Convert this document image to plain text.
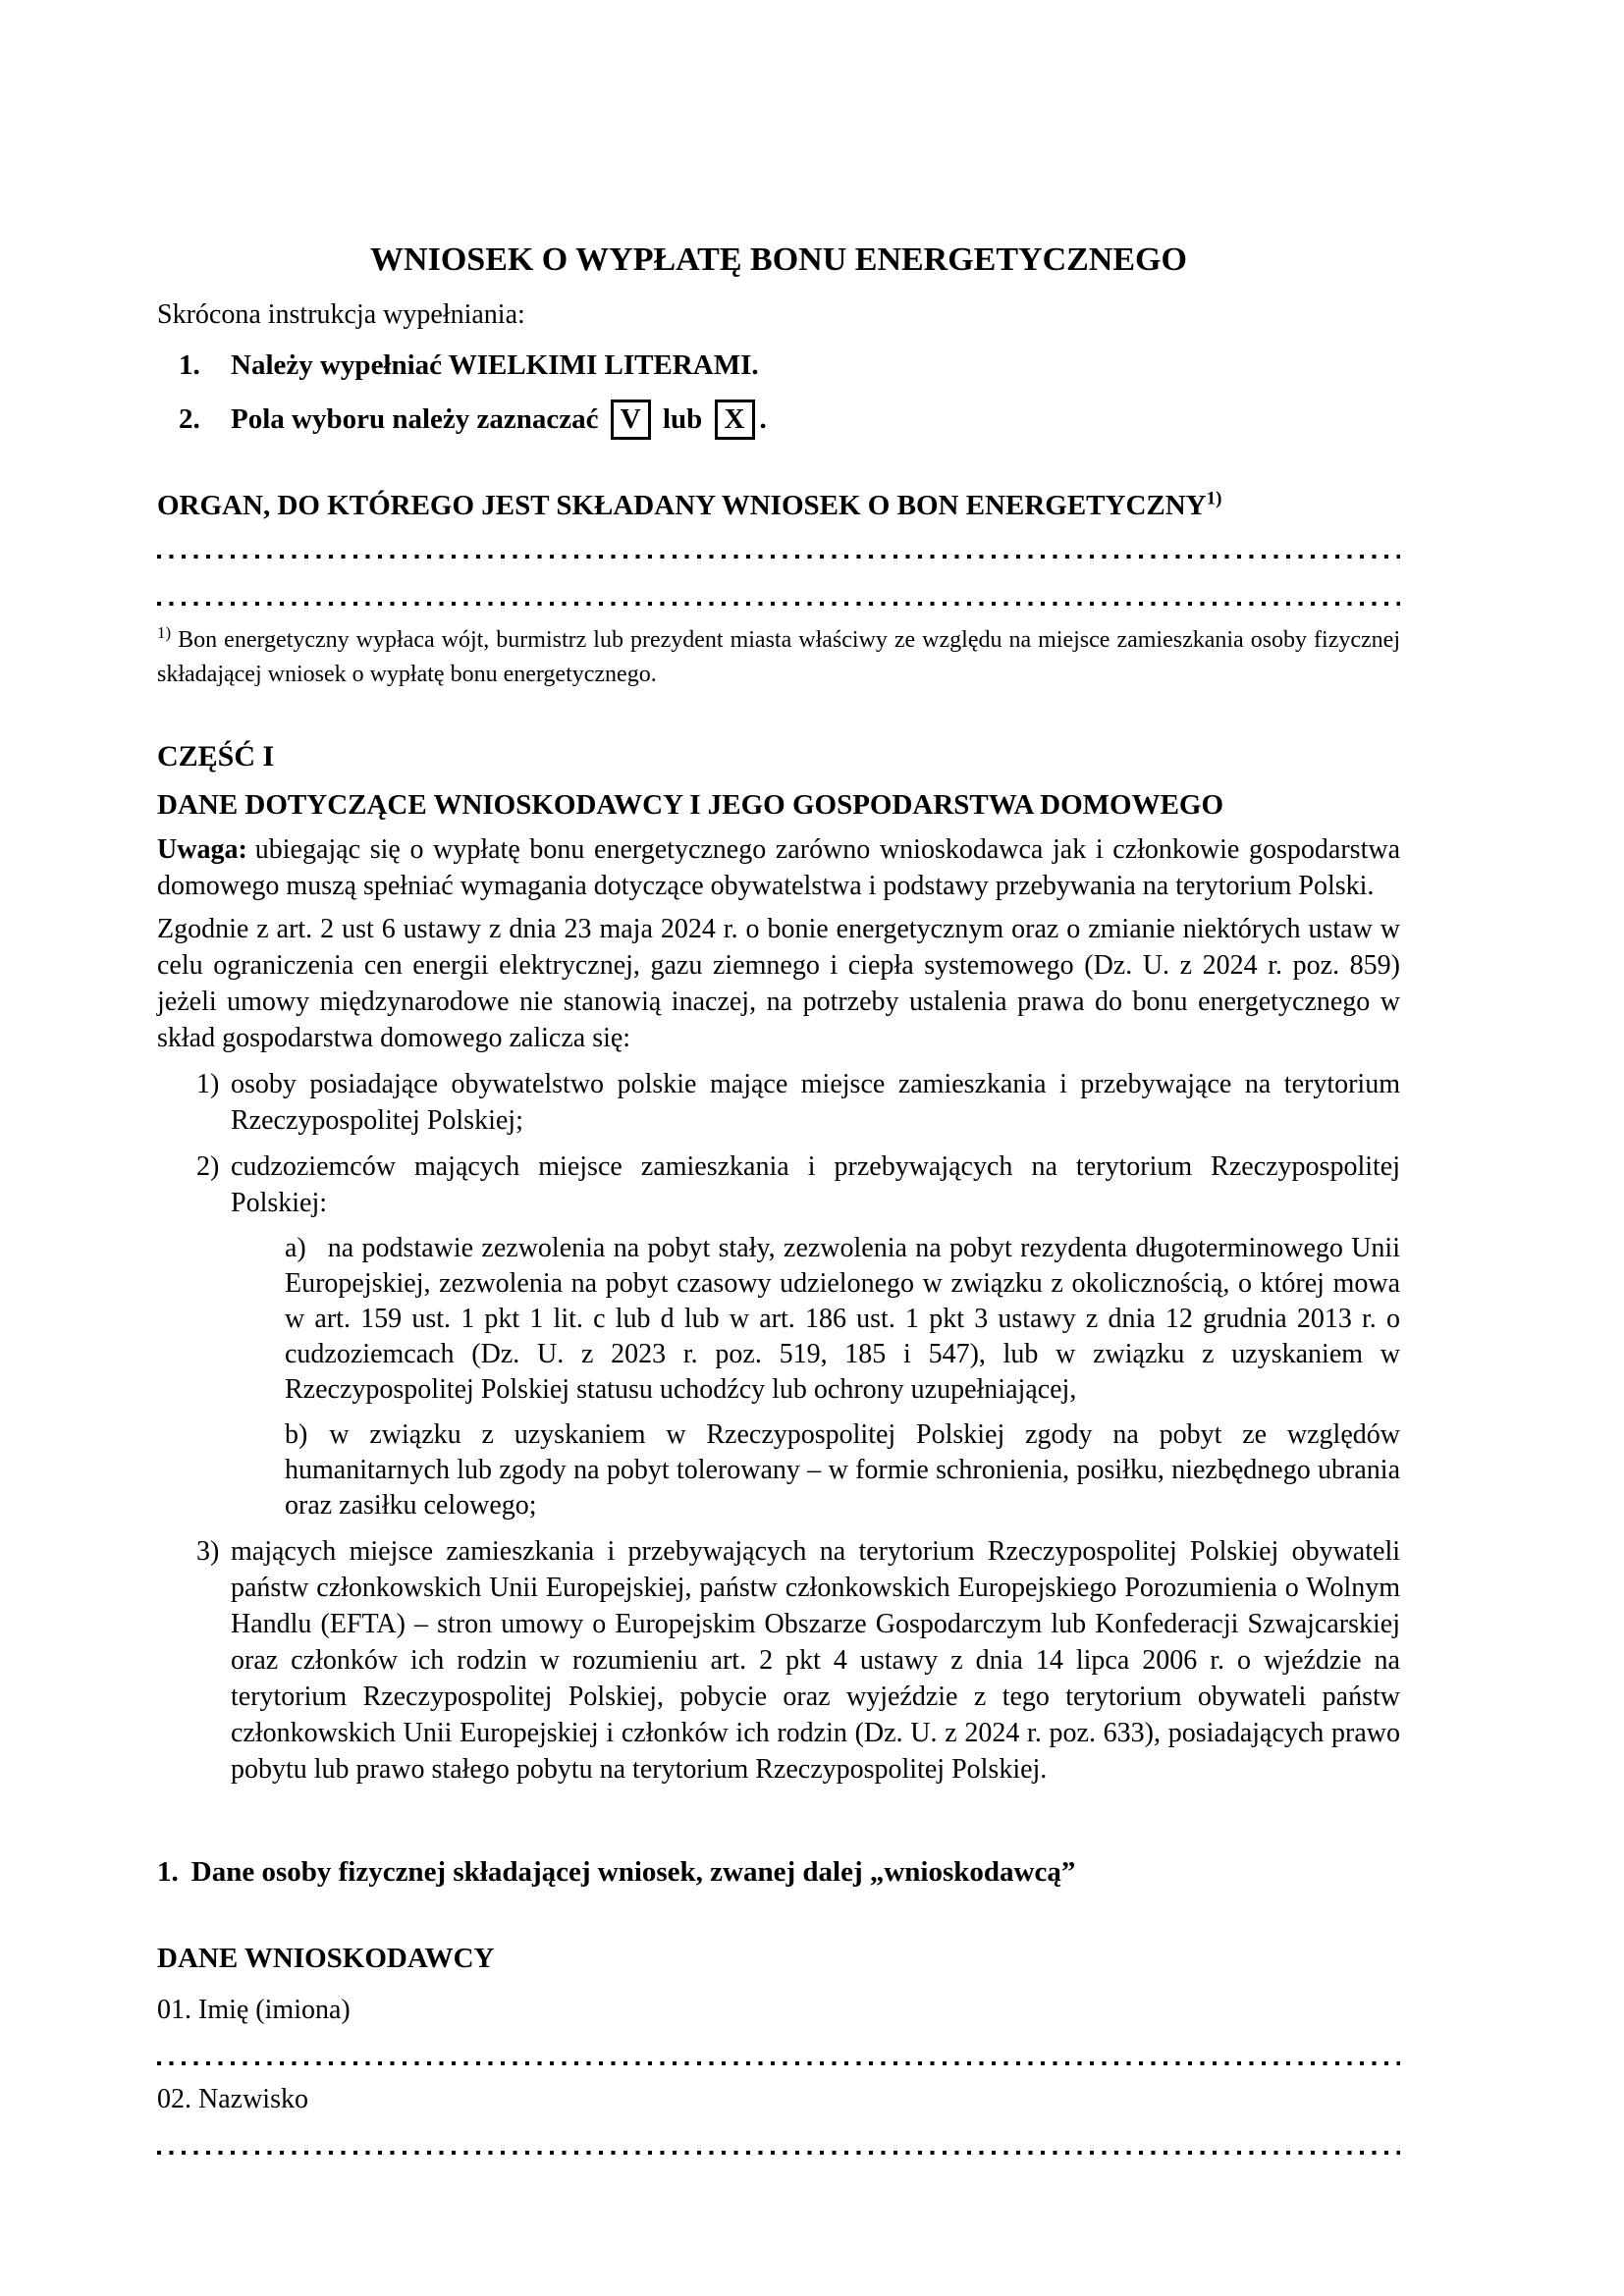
WNIOSEK O WYPŁATĘ BONU ENERGETYCZNEGO
Skrócona instrukcja wypełniania:
1. Należy wypełniać WIELKIMI LITERAMI.
2. Pola wyboru należy zaznaczać V lub X .
ORGAN, DO KTÓREGO JEST SKŁADANY WNIOSEK O BON ENERGETYCZNY$^{1)}$
$^{1)}$ Bon energetyczny wypłaca wójt, burmistrz lub prezydent miasta właściwy ze względu na miejsce zamieszkania osoby fizycznej składającej wniosek o wypłatę bonu energetycznego.
CZĘŚĆ I
DANE DOTYCZĄCE WNIOSKODAWCY I JEGO GOSPODARSTWA DOMOWEGO
Uwaga: ubiegając się o wypłatę bonu energetycznego zarówno wnioskodawca jak i członkowie gospodarstwa domowego muszą spełniać wymagania dotyczące obywatelstwa i podstawy przebywania na terytorium Polski.
Zgodnie z art. 2 ust 6 ustawy z dnia 23 maja 2024 r. o bonie energetycznym oraz o zmianie niektórych ustaw w celu ograniczenia cen energii elektrycznej, gazu ziemnego i ciepła systemowego (Dz. U. z 2024 r. poz. 859) jeżeli umowy międzynarodowe nie stanowią inaczej, na potrzeby ustalenia prawa do bonu energetycznego w skład gospodarstwa domowego zalicza się:
1) osoby posiadające obywatelstwo polskie mające miejsce zamieszkania i przebywające na terytorium Rzeczypospolitej Polskiej;
2) cudzoziemców mających miejsce zamieszkania i przebywających na terytorium Rzeczypospolitej Polskiej:
a) na podstawie zezwolenia na pobyt stały, zezwolenia na pobyt rezydenta długoterminowego Unii Europejskiej, zezwolenia na pobyt czasowy udzielonego w związku z okolicznością, o której mowa w art. 159 ust. 1 pkt 1 lit. c lub d lub w art. 186 ust. 1 pkt 3 ustawy z dnia 12 grudnia 2013 r. o cudzoziemcach (Dz. U. z 2023 r. poz. 519, 185 i 547), lub w związku z uzyskaniem w Rzeczypospolitej Polskiej statusu uchodźcy lub ochrony uzupełniającej,
b) w związku z uzyskaniem w Rzeczypospolitej Polskiej zgody na pobyt ze względów humanitarnych lub zgody na pobyt tolerowany – w formie schronienia, posiłku, niezbędnego ubrania oraz zasiłku celowego;
3) mających miejsce zamieszkania i przebywających na terytorium Rzeczypospolitej Polskiej obywateli państw członkowskich Unii Europejskiej, państw członkowskich Europejskiego Porozumienia o Wolnym Handlu (EFTA) – stron umowy o Europejskim Obszarze Gospodarczym lub Konfederacji Szwajcarskiej oraz członków ich rodzin w rozumieniu art. 2 pkt 4 ustawy z dnia 14 lipca 2006 r. o wjeździe na terytorium Rzeczypospolitej Polskiej, pobycie oraz wyjeździe z tego terytorium obywateli państw członkowskich Unii Europejskiej i członków ich rodzin (Dz. U. z 2024 r. poz. 633), posiadających prawo pobytu lub prawo stałego pobytu na terytorium Rzeczypospolitej Polskiej.
1. Dane osoby fizycznej składającej wniosek, zwanej dalej „wnioskodawcą”
DANE WNIOSKODAWCY
01. Imię (imiona)
02. Nazwisko
